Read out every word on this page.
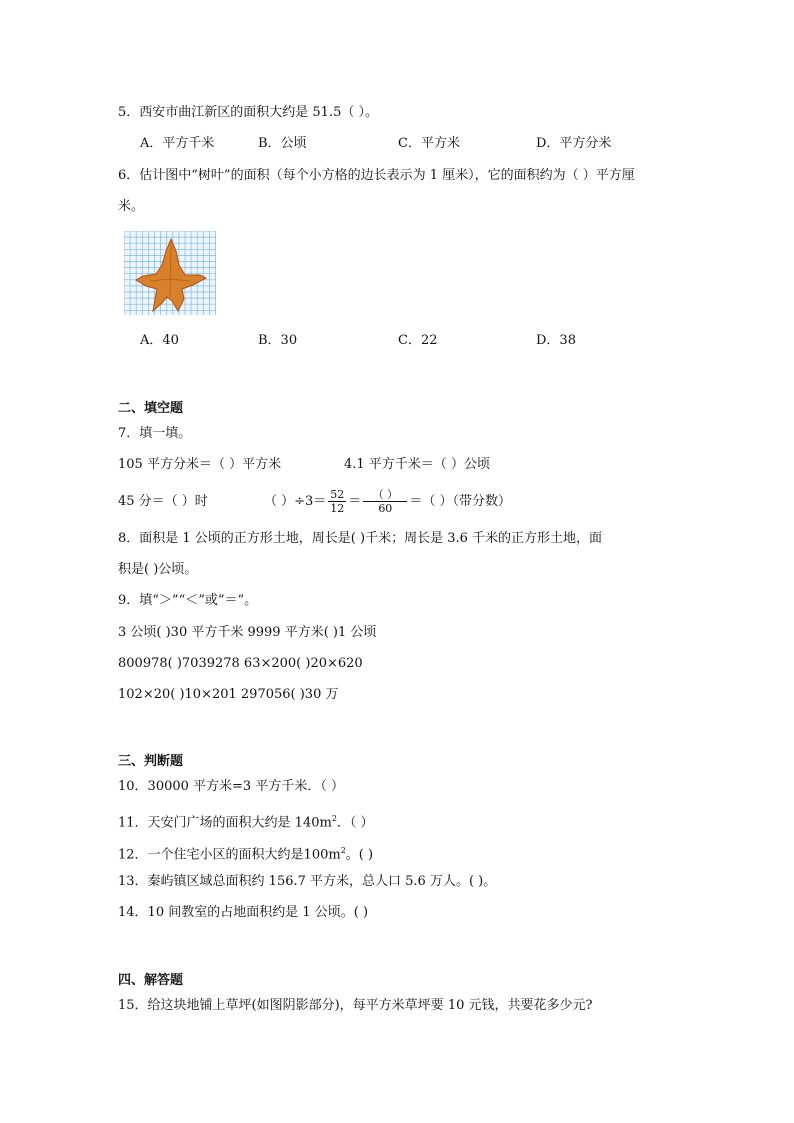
5．西安市曲江新区的面积大约是 51.5（ ）。
A．平方千米	B．公顷	C．平方米	D．平方分米
6．估计图中“树叶”的面积（每个小方格的边长表示为 1 厘米），它的面积约为（ ）平方厘
米。
A．40	B．30	C．22	D．38
二、填空题
7．填一填。
105 平方分米＝（ ）平方米	4.1 平方千米＝（ ）公顷
45 分＝（ ）时	（ ）$\div 3= \frac{52}{12} = \frac{( )}{60}$ ＝（ ）（带分数）
8．面积是 1 公顷的正方形土地，周长是( )千米；周长是 3.6 千米的正方形土地，面
积是( )公顷。
9．填“＞”“＜”或“＝”。
3 公顷( )30 平方千米 9999 平方米( )1 公顷
800978( )7039278 63×200( )20×620
102×20( )10×201 297056( )30 万
三、判断题
10．30000 平方米=3 平方千米．（ ）
11．天安门广场的面积大约是 $140m^2$．（ ）
12．一个住宅小区的面积大约是$100m^2$。( )
13．秦屿镇区域总面积约 156.7 平方米，总人口 5.6 万人。( )。
14．10 间教室的占地面积约是 1 公顷。( )
四、解答题
15．给这块地铺上草坪(如图阴影部分)，每平方米草坪要 10 元钱，共要花多少元?
